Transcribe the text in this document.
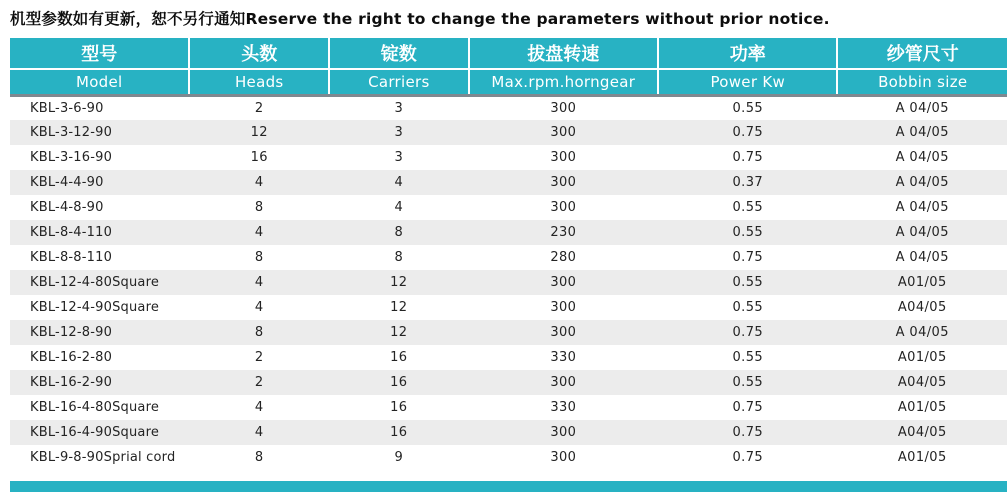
机型参数如有更新，恕不另行通知Reserve the right to change the parameters without prior notice.
型号	头数	锭数	拔盘转速	功率	纱管尺寸
Model	Heads	Carriers	Max.rpm.horngear	Power Kw	Bobbin size
KBL-3-6-90	2	3	300	0.55	A 04/05
KBL-3-12-90	12	3	300	0.75	A 04/05
KBL-3-16-90	16	3	300	0.75	A 04/05
KBL-4-4-90	4	4	300	0.37	A 04/05
KBL-4-8-90	8	4	300	0.55	A 04/05
KBL-8-4-110	4	8	230	0.55	A 04/05
KBL-8-8-110	8	8	280	0.75	A 04/05
KBL-12-4-80Square	4	12	300	0.55	A01/05
KBL-12-4-90Square	4	12	300	0.55	A04/05
KBL-12-8-90	8	12	300	0.75	A 04/05
KBL-16-2-80	2	16	330	0.55	A01/05
KBL-16-2-90	2	16	300	0.55	A04/05
KBL-16-4-80Square	4	16	330	0.75	A01/05
KBL-16-4-90Square	4	16	300	0.75	A04/05
KBL-9-8-90Sprial cord	8	9	300	0.75	A01/05
